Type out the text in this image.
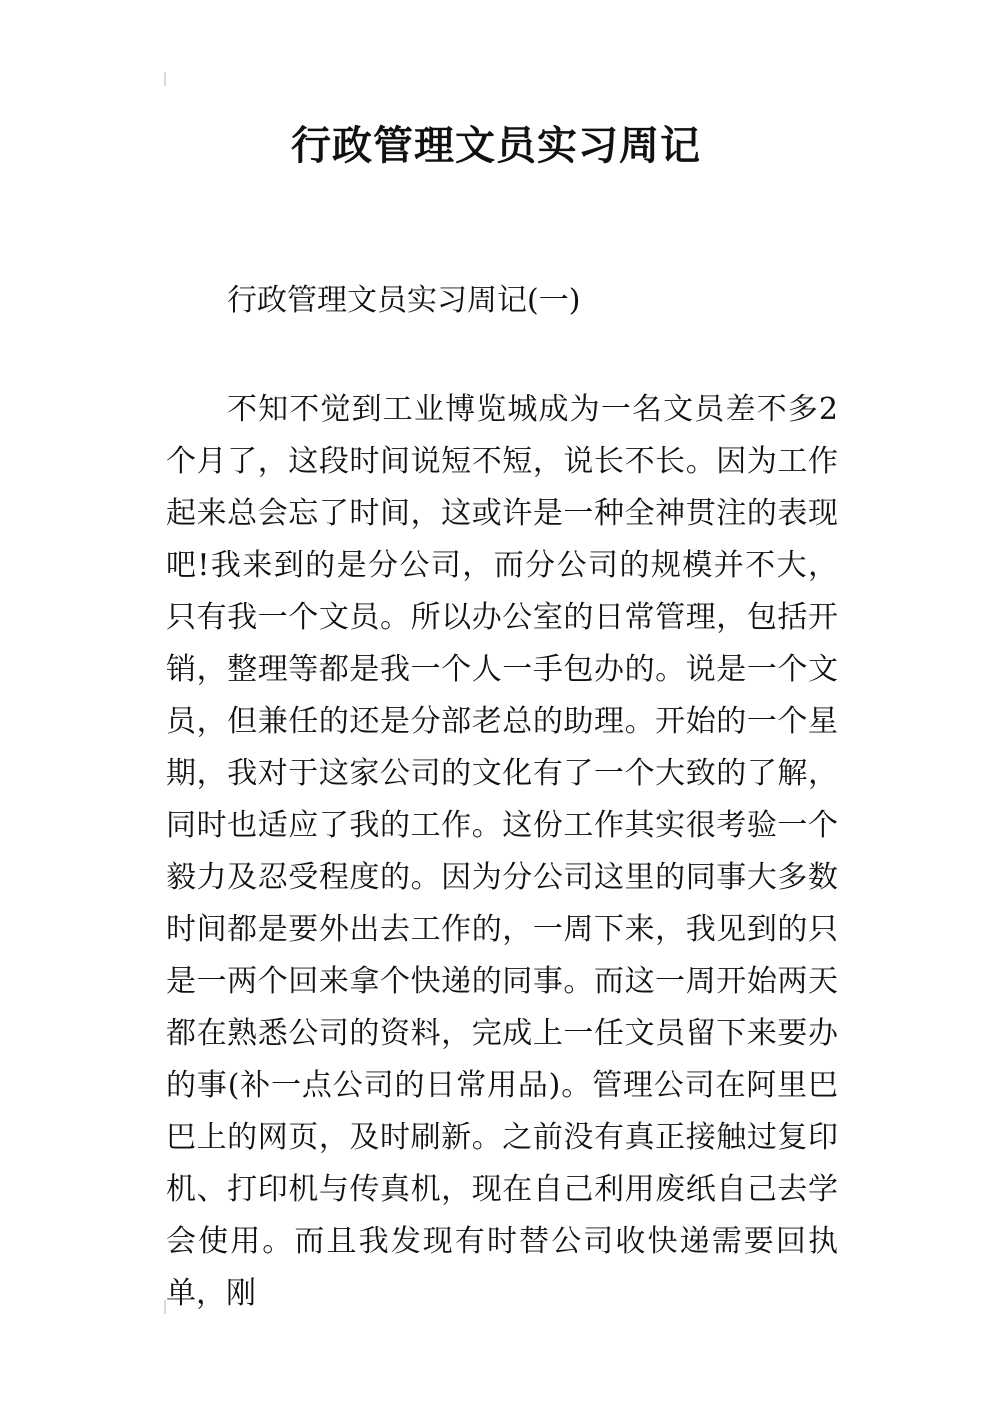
行政管理文员实习周记

行政管理文员实习周记(一)

不知不觉到工业博览城成为一名文员差不多2个月了，这段时间说短不短，说长不长。因为工作起来总会忘了时间，这或许是一种全神贯注的表现吧!我来到的是分公司，而分公司的规模并不大，只有我一个文员。所以办公室的日常管理，包括开销，整理等都是我一个人一手包办的。说是一个文员，但兼任的还是分部老总的助理。开始的一个星期，我对于这家公司的文化有了一个大致的了解，同时也适应了我的工作。这份工作其实很考验一个毅力及忍受程度的。因为分公司这里的同事大多数时间都是要外出去工作的，一周下来，我见到的只是一两个回来拿个快递的同事。而这一周开始两天都在熟悉公司的资料，完成上一任文员留下来要办的事(补一点公司的日常用品)。管理公司在阿里巴巴上的网页，及时刷新。之前没有真正接触过复印机、打印机与传真机，现在自己利用废纸自己去学会使用。而且我发现有时替公司收快递需要回执单，刚
